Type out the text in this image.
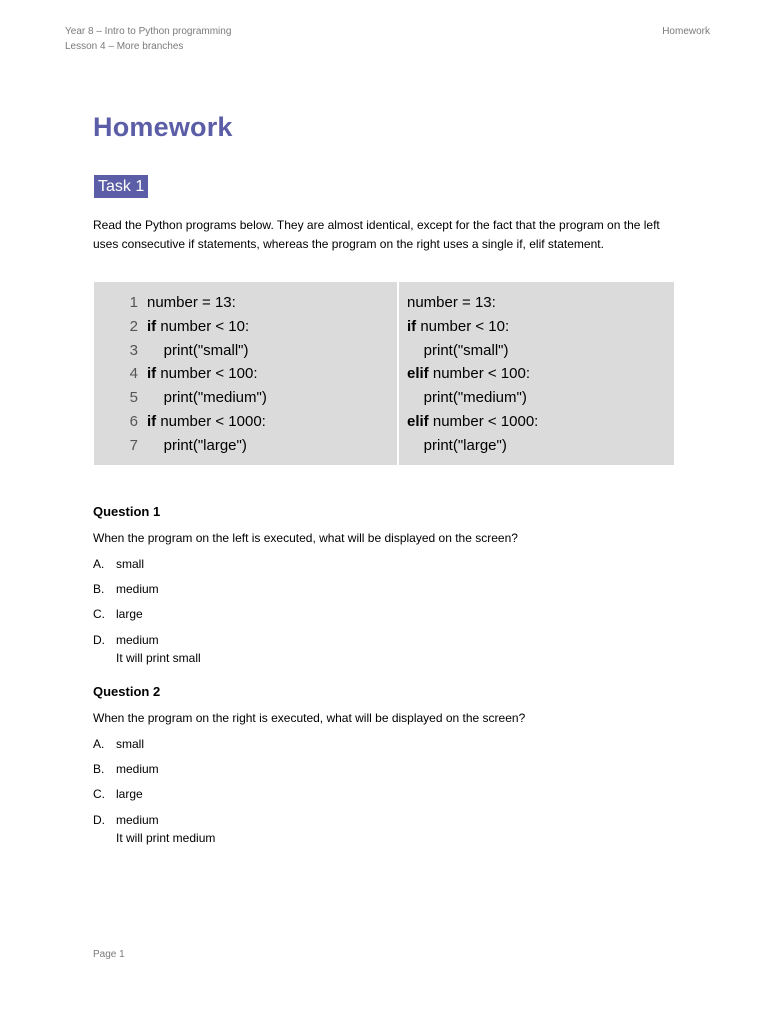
Year 8 – Intro to Python programming
Lesson 4 – More branches
Homework
Homework
Task 1
Read the Python programs below. They are almost identical, except for the fact that the program on the left uses consecutive if statements, whereas the program on the right uses a single if, elif statement.
1
2
3
4
5
6
7
number = 13:
if number < 10:
print("small")
if number < 100:
print("medium")
if number < 1000:
print("large")
number = 13:
if number < 10:
print("small")
elif number < 100:
print("medium")
elif number < 1000:
print("large")
Question 1
When the program on the left is executed, what will be displayed on the screen?
A. small
B. medium
C. large
D. medium
It will print small
Question 2
When the program on the right is executed, what will be displayed on the screen?
A. small
B. medium
C. large
D. medium
It will print medium
Page 1
